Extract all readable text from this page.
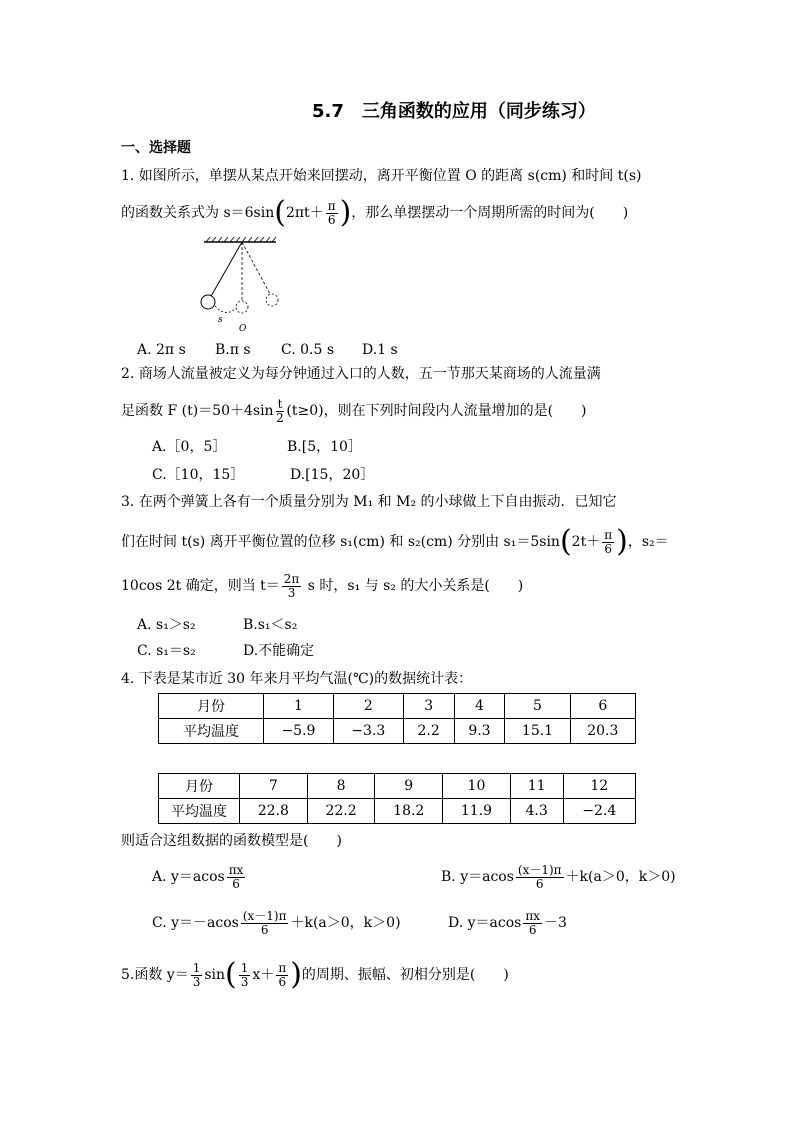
5.7　三角函数的应用（同步练习）
一、选择题
1. 如图所示，单摆从某点开始来回摆动，离开平衡位置 O 的距离 s(cm) 和时间 t(s)
的函数关系式为 $s=6\sin(2\pi t+ \frac{\pi}{6}$ )，那么单摆摆动一个周期所需的时间为(　　)
s
O
A. 2π s B.π s C. 0.5 s D.1 s
2. 商场人流量被定义为每分钟通过入口的人数，五一节那天某商场的人流量满
足函数 F $(t)=50+4\sin \frac{t}{2} (t\ge 0)$，则在下列时间段内人流量增加的是(　　)
A.［0，5］	B.[5，10］
C.［10，15］	D.[15，20］
3. 在两个弹簧上各有一个质量分别为 M₁ 和 M₂ 的小球做上下自由振动．已知它
们在时间 t(s) 离开平衡位置的位移 s₁(cm) 和 s₂(cm) 分别由 $s_1=5\sin(2t+ \frac{\pi}{6}$ )，s₂＝
10cos 2t 确定，则当 $t= \frac{2\pi}{3}$ s 时，s₁ 与 s₂ 的大小关系是(　　)
A. s₁＞s₂	B.s₁＜s₂
C. s₁＝s₂	D.不能确定
4. 下表是某市近 30 年来月平均气温(℃)的数据统计表：
月份	1	2	3	4	5	6
平均温度	−5.9	−3.3	2.2	9.3	15.1	20.3
月份	7	8	9	10	11	12
平均温度	22.8	22.2	18.2	11.9	4.3	−2.4
则适合这组数据的函数模型是(　　)
A. $y=acos \frac{\pi x}{6}$	B. $y=acos \frac{(x-1)\pi}{6} +k(a>0$，k＞0)
C. $y=-acos \frac{(x-1)\pi}{6} +k(a>0$，k＞0)	D. $y=acos \frac{\pi x}{6} -3$
5.函数 $y= \frac{1}{3} \sin( \frac{1}{3} x+ \frac{\pi}{6}$ )的周期、振幅、初相分别是(　　)
